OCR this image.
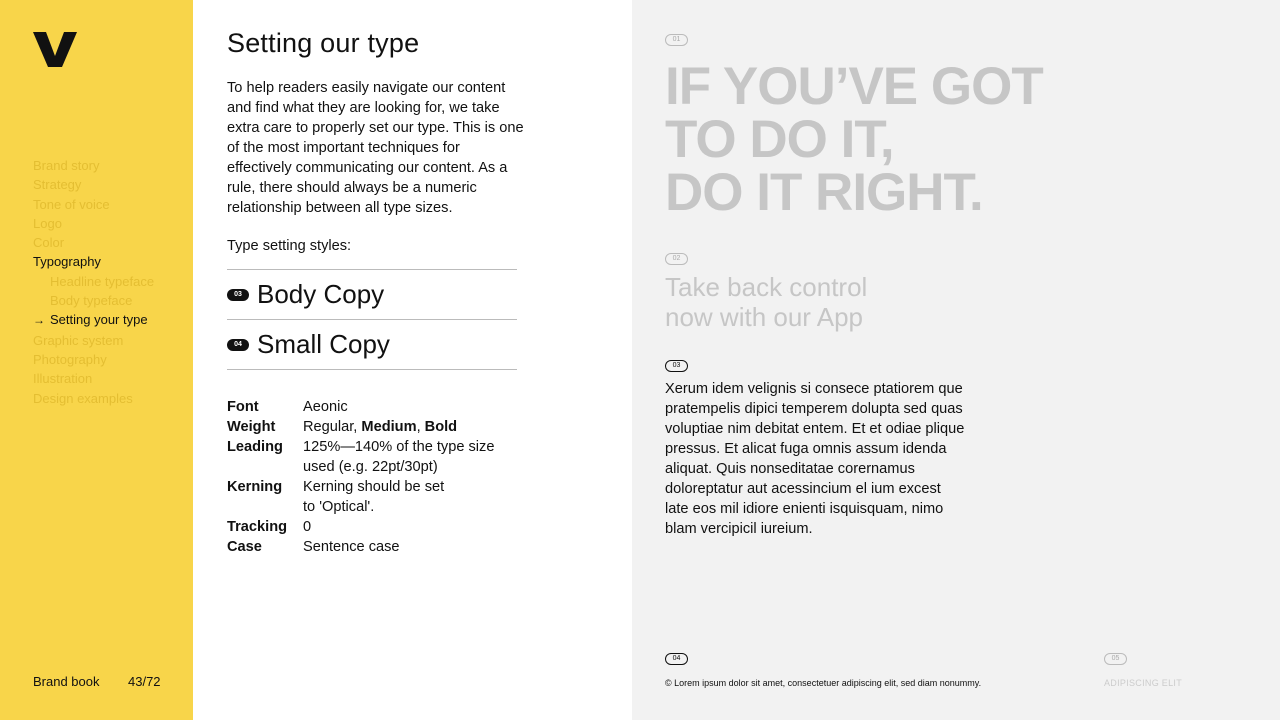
Brand story
Strategy
Tone of voice
Logo
Color
Typography
Headline typeface
Body typeface
→ Setting your type
Graphic system
Photography
Illustration
Design examples
Brand book 43/72
Setting our type

To help readers easily navigate our content and find what they are looking for, we take extra care to properly set our type. This is one of the most important techniques for effectively communicating our content. As a rule, there should always be a numeric relationship between all type sizes.

Type setting styles:
03 Body Copy
04 Small Copy
Font	Aeonic
Weight	Regular, Medium, Bold
Leading	125%—140% of the type size
used (e.g. 22pt/30pt)
Kerning	Kerning should be set
to 'Optical'.
Tracking	0
Case	Sentence case
01
IF YOU’VE GOT
TO DO IT,
DO IT RIGHT.
02
Take back control
now with our App
03

Xerum idem velignis si consece ptatiorem que pratempelis dipici temperem dolupta sed quas voluptiae nim debitat entem. Et et odiae plique pressus. Et alicat fuga omnis assum idenda aliquat. Quis nonseditatae corernamus doloreptatur aut acessincium el ium excest late eos mil idiore enienti isquisquam, nimo blam vercipicil iureium.

04
© Lorem ipsum dolor sit amet, consectetuer adipiscing elit, sed diam nonummy.
05
ADIPISCING ELIT
